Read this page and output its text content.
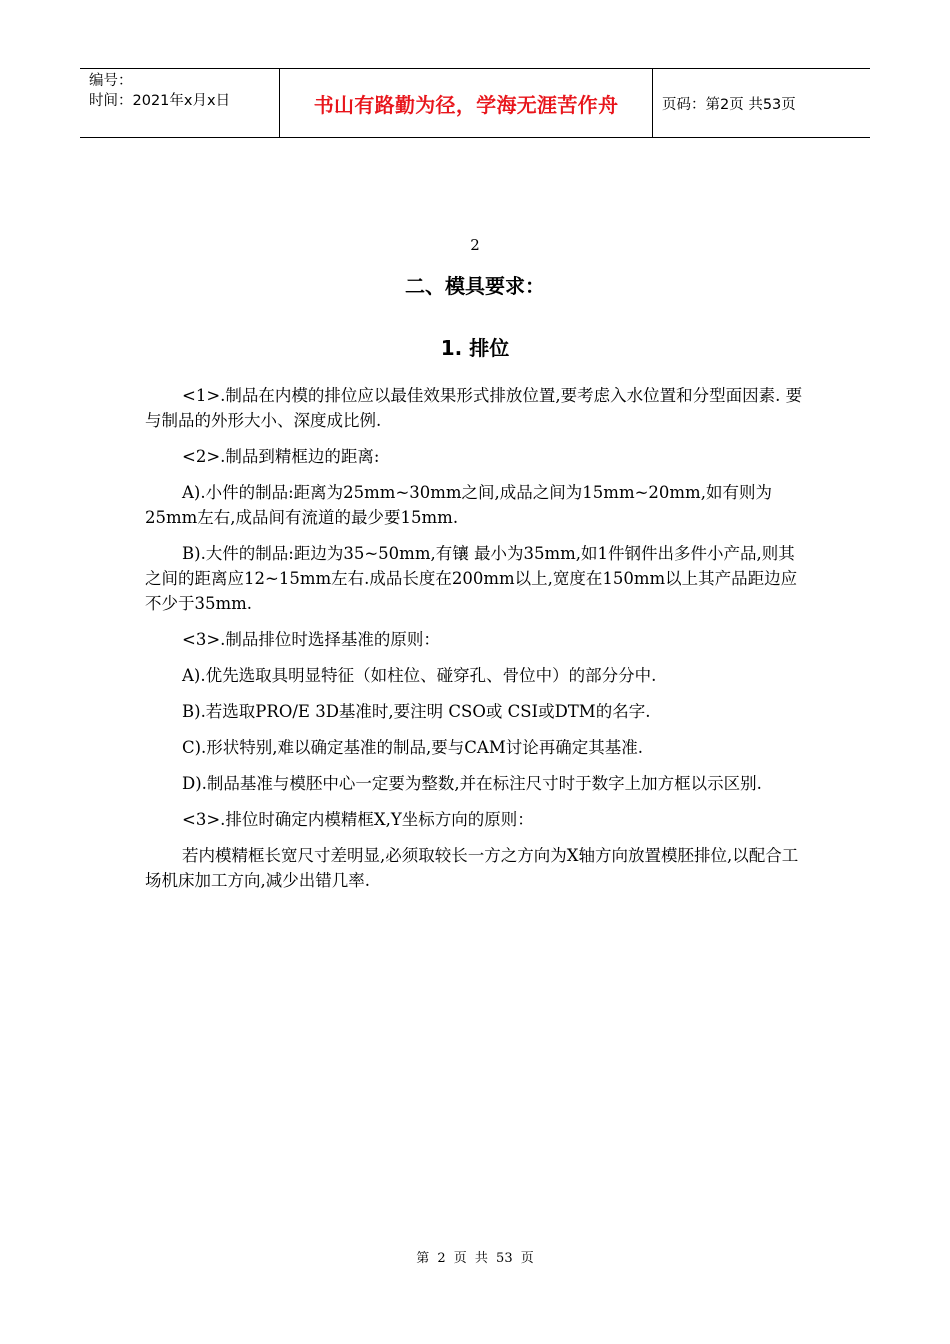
编号：
时间：2021年x月x日	书山有路勤为径，学海无涯苦作舟	页码：第2页 共53页
2
二、模具要求：
1. 排位

<1>.制品在内模的排位应以最佳效果形式排放位置,要考虑入水位置和分型面因素. 要与制品的外形大小、深度成比例.

<2>.制品到精框边的距离:

A).小件的制品:距离为25mm~30mm之间,成品之间为15mm~20mm,如有则为25mm左右,成品间有流道的最少要15mm.

B).大件的制品:距边为35~50mm,有镶 最小为35mm,如1件钢件出多件小产品,则其之间的距离应12~15mm左右.成品长度在200mm以上,宽度在150mm以上其产品距边应不少于35mm.

<3>.制品排位时选择基准的原则：

A).优先选取具明显特征（如柱位、碰穿孔、骨位中）的部分分中.

B).若选取PRO/E 3D基准时,要注明 CSO或 CSI或DTM的名字.

C).形状特别,难以确定基准的制品,要与CAM讨论再确定其基准.

D).制品基准与模胚中心一定要为整数,并在标注尺寸时于数字上加方框以示区别.

<3>.排位时确定内模精框X,Y坐标方向的原则：

若内模精框长宽尺寸差明显,必须取较长一方之方向为X轴方向放置模胚排位,以配合工场机床加工方向,减少出错几率.

第 2 页 共 53 页
